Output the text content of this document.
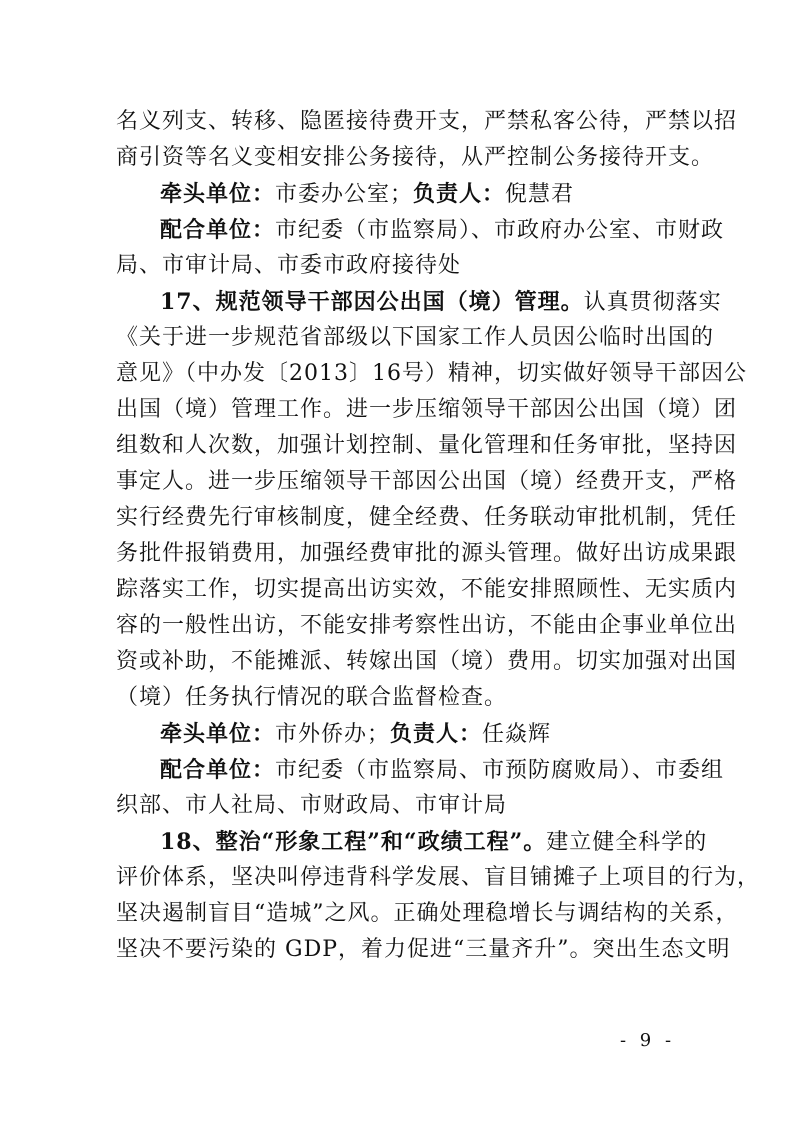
名义列支、转移、隐匿接待费开支，严禁私客公待，严禁以招
商引资等名义变相安排公务接待，从严控制公务接待开支。
牵头单位：市委办公室；负责人：倪慧君
配合单位：市纪委（市监察局）、市政府办公室、市财政
局、市审计局、市委市政府接待处
17、规范领导干部因公出国（境）管理。认真贯彻落实
《关于进一步规范省部级以下国家工作人员因公临时出国的
意见》（中办发〔2013〕16号）精神，切实做好领导干部因公
出国（境）管理工作。进一步压缩领导干部因公出国（境）团
组数和人次数，加强计划控制、量化管理和任务审批，坚持因
事定人。进一步压缩领导干部因公出国（境）经费开支，严格
实行经费先行审核制度，健全经费、任务联动审批机制，凭任
务批件报销费用，加强经费审批的源头管理。做好出访成果跟
踪落实工作，切实提高出访实效，不能安排照顾性、无实质内
容的一般性出访，不能安排考察性出访，不能由企事业单位出
资或补助，不能摊派、转嫁出国（境）费用。切实加强对出国
（境）任务执行情况的联合监督检查。
牵头单位：市外侨办；负责人：任焱辉
配合单位：市纪委（市监察局、市预防腐败局）、市委组
织部、市人社局、市财政局、市审计局
18、整治“形象工程”和“政绩工程”。建立健全科学的
评价体系，坚决叫停违背科学发展、盲目铺摊子上项目的行为，
坚决遏制盲目“造城”之风。正确处理稳增长与调结构的关系，
坚决不要污染的 GDP，着力促进“三量齐升”。突出生态文明
- 9 -
